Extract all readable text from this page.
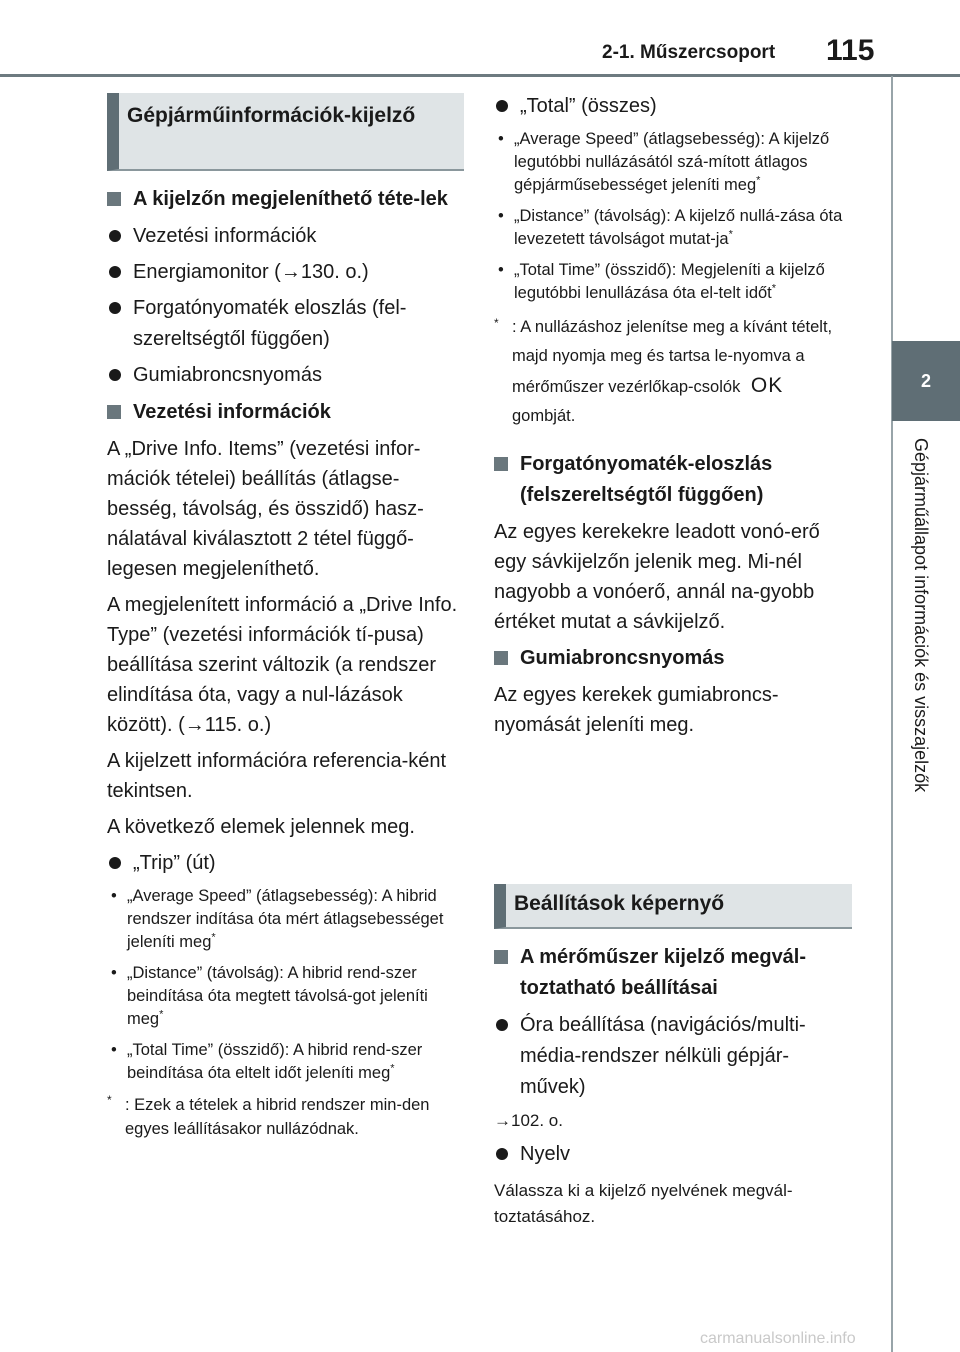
2-1. Műszercsoport 115
2
Gépjárműállapot információk és visszajelzők
Gépjárműinformációk-kijelző
A kijelzőn megjeleníthető téte-lek
Vezetési információk
Energiamonitor (→130. o.)
Forgatónyomaték eloszlás (fel-szereltségtől függően)
Gumiabroncsnyomás
Vezetési információk
A „Drive Info. Items” (vezetési infor-mációk tételei) beállítás (átlagse-besség, távolság, és összidő) hasz-nálatával kiválasztott 2 tétel függő-legesen megjeleníthető.
A megjelenített információ a „Drive Info. Type” (vezetési információk tí-pusa) beállítása szerint változik (a rendszer elindítása óta, vagy a nul-lázások között). (→115. o.)
A kijelzett információra referencia-ként tekintsen.
A következő elemek jelennek meg.
„Trip” (út)
• „Average Speed” (átlagsebesség): A hibrid rendszer indítása óta mért átlagsebességet jeleníti meg*
• „Distance” (távolság): A hibrid rend-szer beindítása óta megtett távolsá-got jeleníti meg*
• „Total Time” (összidő): A hibrid rend-szer beindítása óta eltelt időt jeleníti meg*
* : Ezek a tételek a hibrid rendszer min-den egyes leállításakor nullázódnak.
„Total” (összes)
• „Average Speed” (átlagsebesség): A kijelző legutóbbi nullázásától szá-mított átlagos gépjárműsebességet jeleníti meg*
• „Distance” (távolság): A kijelző nullá-zása óta levezetett távolságot mutat-ja*
• „Total Time” (összidő): Megjeleníti a kijelző legutóbbi lenullázása óta el-telt időt*
* : A nullázáshoz jelenítse meg a kívánt tételt, majd nyomja meg és tartsa le-nyomva a mérőműszer vezérlőkap-csolók OK gombját.
Forgatónyomaték-eloszlás (felszereltségtől függően)
Az egyes kerekekre leadott vonó-erő egy sávkijelzőn jelenik meg. Mi-nél nagyobb a vonóerő, annál na-gyobb értéket mutat a sávkijelző.
Gumiabroncsnyomás
Az egyes kerekek gumiabroncs-nyomását jeleníti meg.
Beállítások képernyő
A mérőműszer kijelző megvál-toztatható beállításai
Óra beállítása (navigációs/multi-média-rendszer nélküli gépjár-művek)
→102. o.
Nyelv
Válassza ki a kijelző nyelvének megvál-toztatásához.
carmanualsonline.info
